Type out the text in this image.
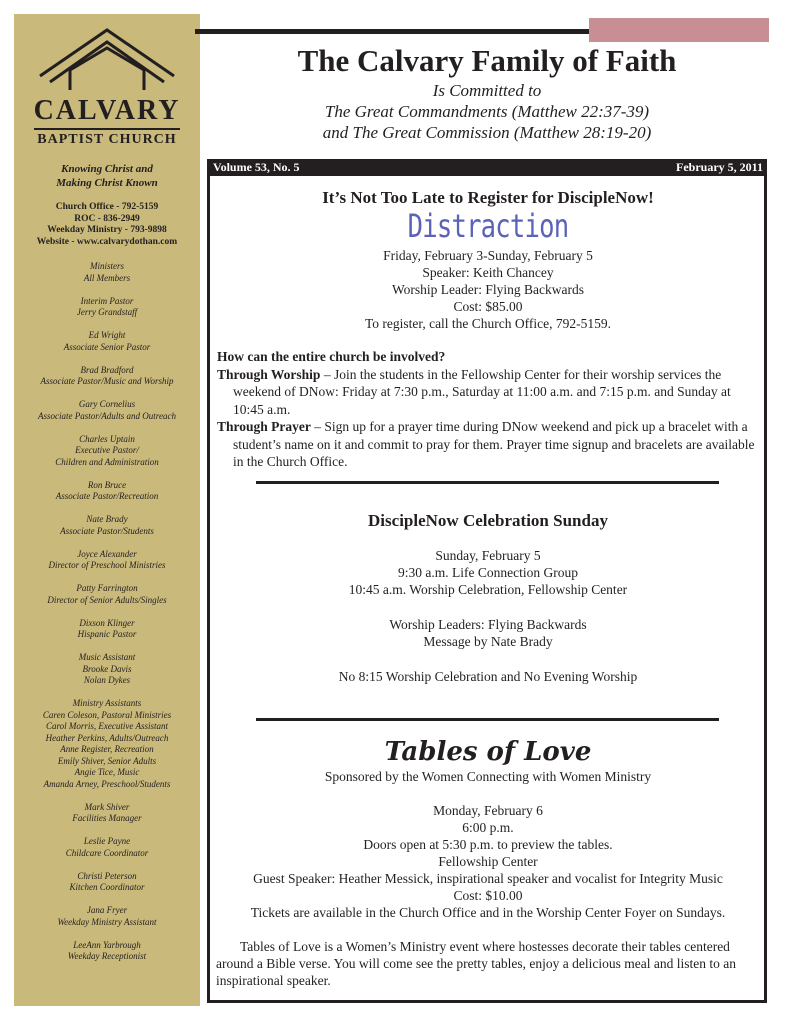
CALVARY
BAPTIST CHURCH
Knowing Christ and
Making Christ Known
Church Office - 792-5159
ROC - 836-2949
Weekday Ministry - 793-9898
Website - www.calvarydothan.com
Ministers
All Members
Interim Pastor
Jerry Grandstaff
Ed Wright
Associate Senior Pastor
Brad Bradford
Associate Pastor/Music and Worship
Gary Cornelius
Associate Pastor/Adults and Outreach
Charles Uptain
Executive Pastor/
Children and Administration
Ron Bruce
Associate Pastor/Recreation
Nate Brady
Associate Pastor/Students
Joyce Alexander
Director of Preschool Ministries
Patty Farrington
Director of Senior Adults/Singles
Dixson Klinger
Hispanic Pastor
Music Assistant
Brooke Davis
Nolan Dykes
Ministry Assistants
Caren Coleson, Pastoral Ministries
Carol Morris, Executive Assistant
Heather Perkins, Adults/Outreach
Anne Register, Recreation
Emily Shiver, Senior Adults
Angie Tice, Music
Amanda Arney, Preschool/Students
Mark Shiver
Facilities Manager
Leslie Payne
Childcare Coordinator
Christi Peterson
Kitchen Coordinator
Jana Fryer
Weekday Ministry Assistant
LeeAnn Yarbrough
Weekday Receptionist
The Calvary Family of Faith
Is Committed to
The Great Commandments (Matthew 22:37-39)
and The Great Commission (Matthew 28:19-20)
Volume 53, No. 5	February 5, 2011
It’s Not Too Late to Register for DiscipleNow!
Distraction
Friday, February 3-Sunday, February 5
Speaker: Keith Chancey
Worship Leader: Flying Backwards
Cost: $85.00
To register, call the Church Office, 792-5159.
How can the entire church be involved?
Through Worship – Join the students in the Fellowship Center for their worship services the weekend of DNow: Friday at 7:30 p.m., Saturday at 11:00 a.m. and 7:15 p.m. and Sunday at 10:45 a.m.
Through Prayer – Sign up for a prayer time during DNow weekend and pick up a bracelet with a student’s name on it and commit to pray for them. Prayer time signup and bracelets are available in the Church Office.
DiscipleNow Celebration Sunday
Sunday, February 5
9:30 a.m. Life Connection Group
10:45 a.m. Worship Celebration, Fellowship Center
Worship Leaders: Flying Backwards
Message by Nate Brady
No 8:15 Worship Celebration and No Evening Worship
Tables of Love
Sponsored by the Women Connecting with Women Ministry
Monday, February 6
6:00 p.m.
Doors open at 5:30 p.m. to preview the tables.
Fellowship Center
Guest Speaker: Heather Messick, inspirational speaker and vocalist for Integrity Music
Cost: $10.00
Tickets are available in the Church Office and in the Worship Center Foyer on Sundays.
Tables of Love is a Women’s Ministry event where hostesses decorate their tables centered around a Bible verse. You will come see the pretty tables, enjoy a delicious meal and listen to an inspirational speaker.
